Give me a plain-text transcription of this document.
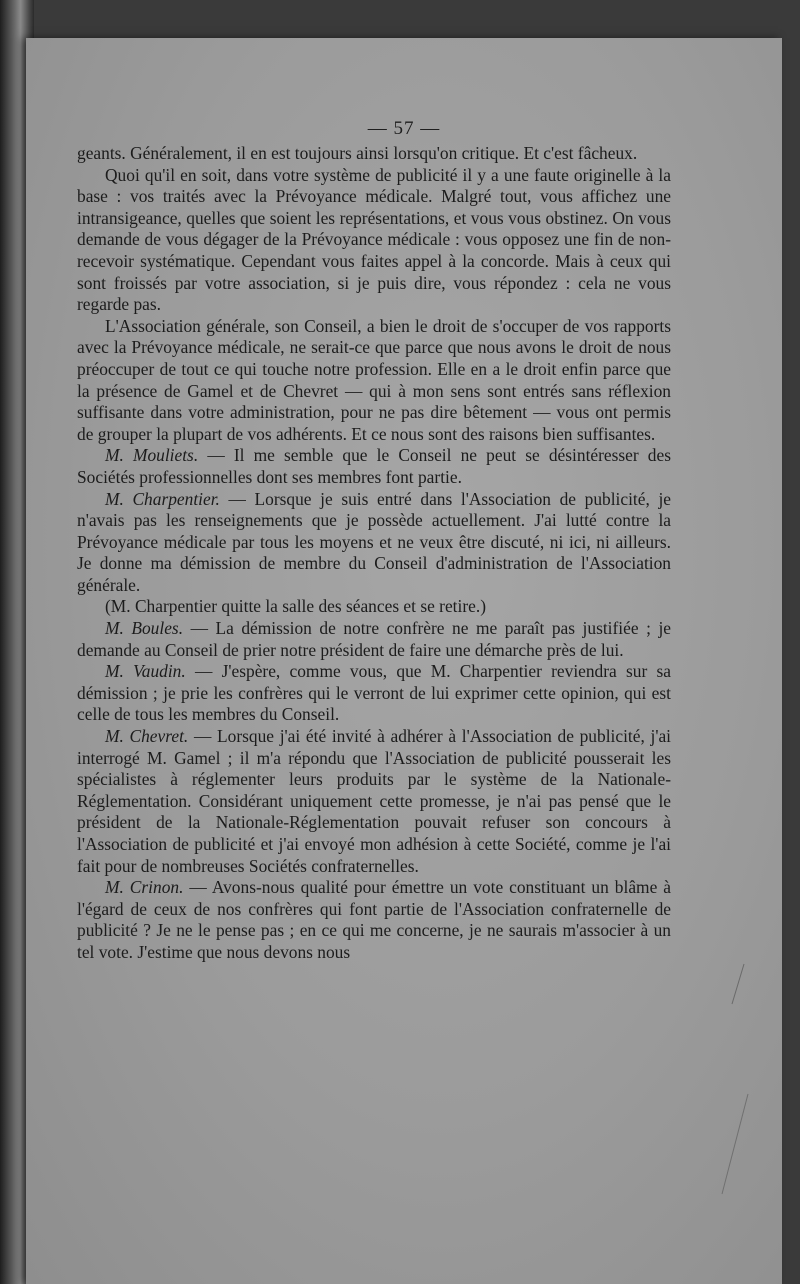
— 57 —

geants. Généralement, il en est toujours ainsi lorsqu'on critique. Et c'est fâcheux.

Quoi qu'il en soit, dans votre système de publicité il y a une faute originelle à la base : vos traités avec la Prévoyance médicale. Malgré tout, vous affichez une intransigeance, quelles que soient les représentations, et vous vous obstinez. On vous demande de vous dégager de la Prévoyance médicale : vous opposez une fin de non-recevoir systématique. Cependant vous faites appel à la concorde. Mais à ceux qui sont froissés par votre association, si je puis dire, vous répondez : cela ne vous regarde pas.

L'Association générale, son Conseil, a bien le droit de s'occuper de vos rapports avec la Prévoyance médicale, ne serait-ce que parce que nous avons le droit de nous préoccuper de tout ce qui touche notre profession. Elle en a le droit enfin parce que la présence de Gamel et de Chevret — qui à mon sens sont entrés sans réflexion suffisante dans votre administration, pour ne pas dire bêtement — vous ont permis de grouper la plupart de vos adhérents. Et ce nous sont des raisons bien suffisantes.

M. Mouliets. — Il me semble que le Conseil ne peut se désintéresser des Sociétés professionnelles dont ses membres font partie.

M. Charpentier. — Lorsque je suis entré dans l'Association de publicité, je n'avais pas les renseignements que je possède actuellement. J'ai lutté contre la Prévoyance médicale par tous les moyens et ne veux être discuté, ni ici, ni ailleurs. Je donne ma démission de membre du Conseil d'administration de l'Association générale.

(M. Charpentier quitte la salle des séances et se retire.)

M. Boules. — La démission de notre confrère ne me paraît pas justifiée ; je demande au Conseil de prier notre président de faire une démarche près de lui.

M. Vaudin. — J'espère, comme vous, que M. Charpentier reviendra sur sa démission ; je prie les confrères qui le verront de lui exprimer cette opinion, qui est celle de tous les membres du Conseil.

M. Chevret. — Lorsque j'ai été invité à adhérer à l'Association de publicité, j'ai interrogé M. Gamel ; il m'a répondu que l'Association de publicité pousserait les spécialistes à réglementer leurs produits par le système de la Nationale-Réglementation. Considérant uniquement cette promesse, je n'ai pas pensé que le président de la Nationale-Réglementation pouvait refuser son concours à l'Association de publicité et j'ai envoyé mon adhésion à cette Société, comme je l'ai fait pour de nombreuses Sociétés confraternelles.

M. Crinon. — Avons-nous qualité pour émettre un vote constituant un blâme à l'égard de ceux de nos confrères qui font partie de l'Association confraternelle de publicité ? Je ne le pense pas ; en ce qui me concerne, je ne saurais m'associer à un tel vote. J'estime que nous devons nous
